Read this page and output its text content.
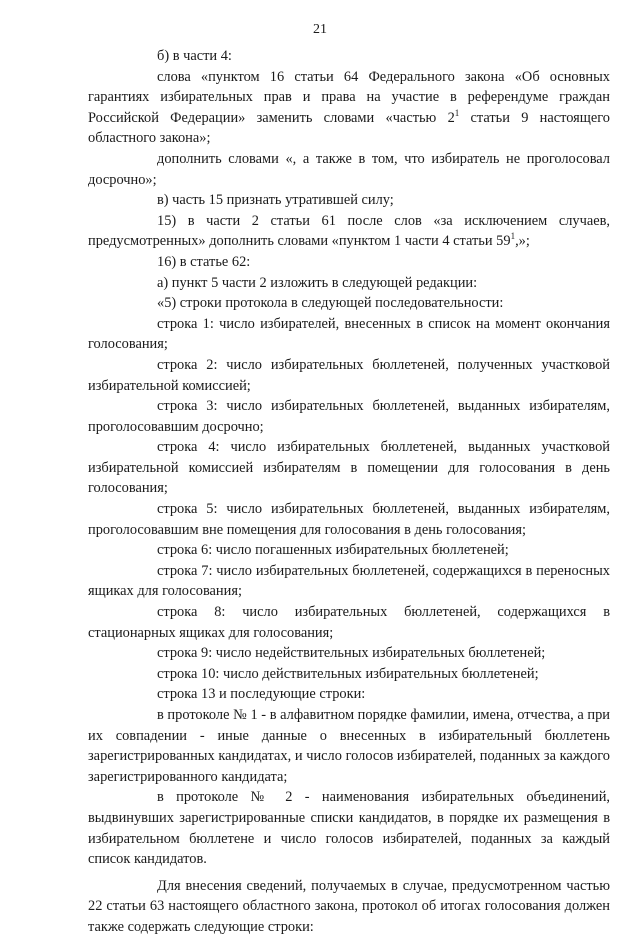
21

б) в части 4:

слова «пунктом 16 статьи 64 Федерального закона «Об основных гарантиях избирательных прав и права на участие в референдуме граждан Российской Федерации» заменить словами «частью $2^1$ статьи 9 настоящего областного закона»;

дополнить словами «, а также в том, что избиратель не проголосовал досрочно»;

в) часть 15 признать утратившей силу;

15) в части 2 статьи 61 после слов «за исключением случаев, предусмотренных» дополнить словами «пунктом 1 части 4 статьи $59^1$,»;

16) в статье 62:

а) пункт 5 части 2 изложить в следующей редакции:

«5) строки протокола в следующей последовательности:

строка 1: число избирателей, внесенных в список на момент окончания голосования;

строка 2: число избирательных бюллетеней, полученных участковой избирательной комиссией;

строка 3: число избирательных бюллетеней, выданных избирателям, проголосовавшим досрочно;

строка 4: число избирательных бюллетеней, выданных участковой избирательной комиссией избирателям в помещении для голосования в день голосования;

строка 5: число избирательных бюллетеней, выданных избирателям, проголосовавшим вне помещения для голосования в день голосования;

строка 6: число погашенных избирательных бюллетеней;

строка 7: число избирательных бюллетеней, содержащихся в переносных ящиках для голосования;

строка 8: число избирательных бюллетеней, содержащихся в стационарных ящиках для голосования;

строка 9: число недействительных избирательных бюллетеней;

строка 10: число действительных избирательных бюллетеней;

строка 13 и последующие строки:

в протоколе № 1 - в алфавитном порядке фамилии, имена, отчества, а при их совпадении - иные данные о внесенных в избирательный бюллетень зарегистрированных кандидатах, и число голосов избирателей, поданных за каждого зарегистрированного кандидата;

в протоколе № 2 - наименования избирательных объединений, выдвинувших зарегистрированные списки кандидатов, в порядке их размещения в избирательном бюллетене и число голосов избирателей, поданных за каждый список кандидатов.

Для внесения сведений, получаемых в случае, предусмотренном частью 22 статьи 63 настоящего областного закона, протокол об итогах голосования должен также содержать следующие строки:
